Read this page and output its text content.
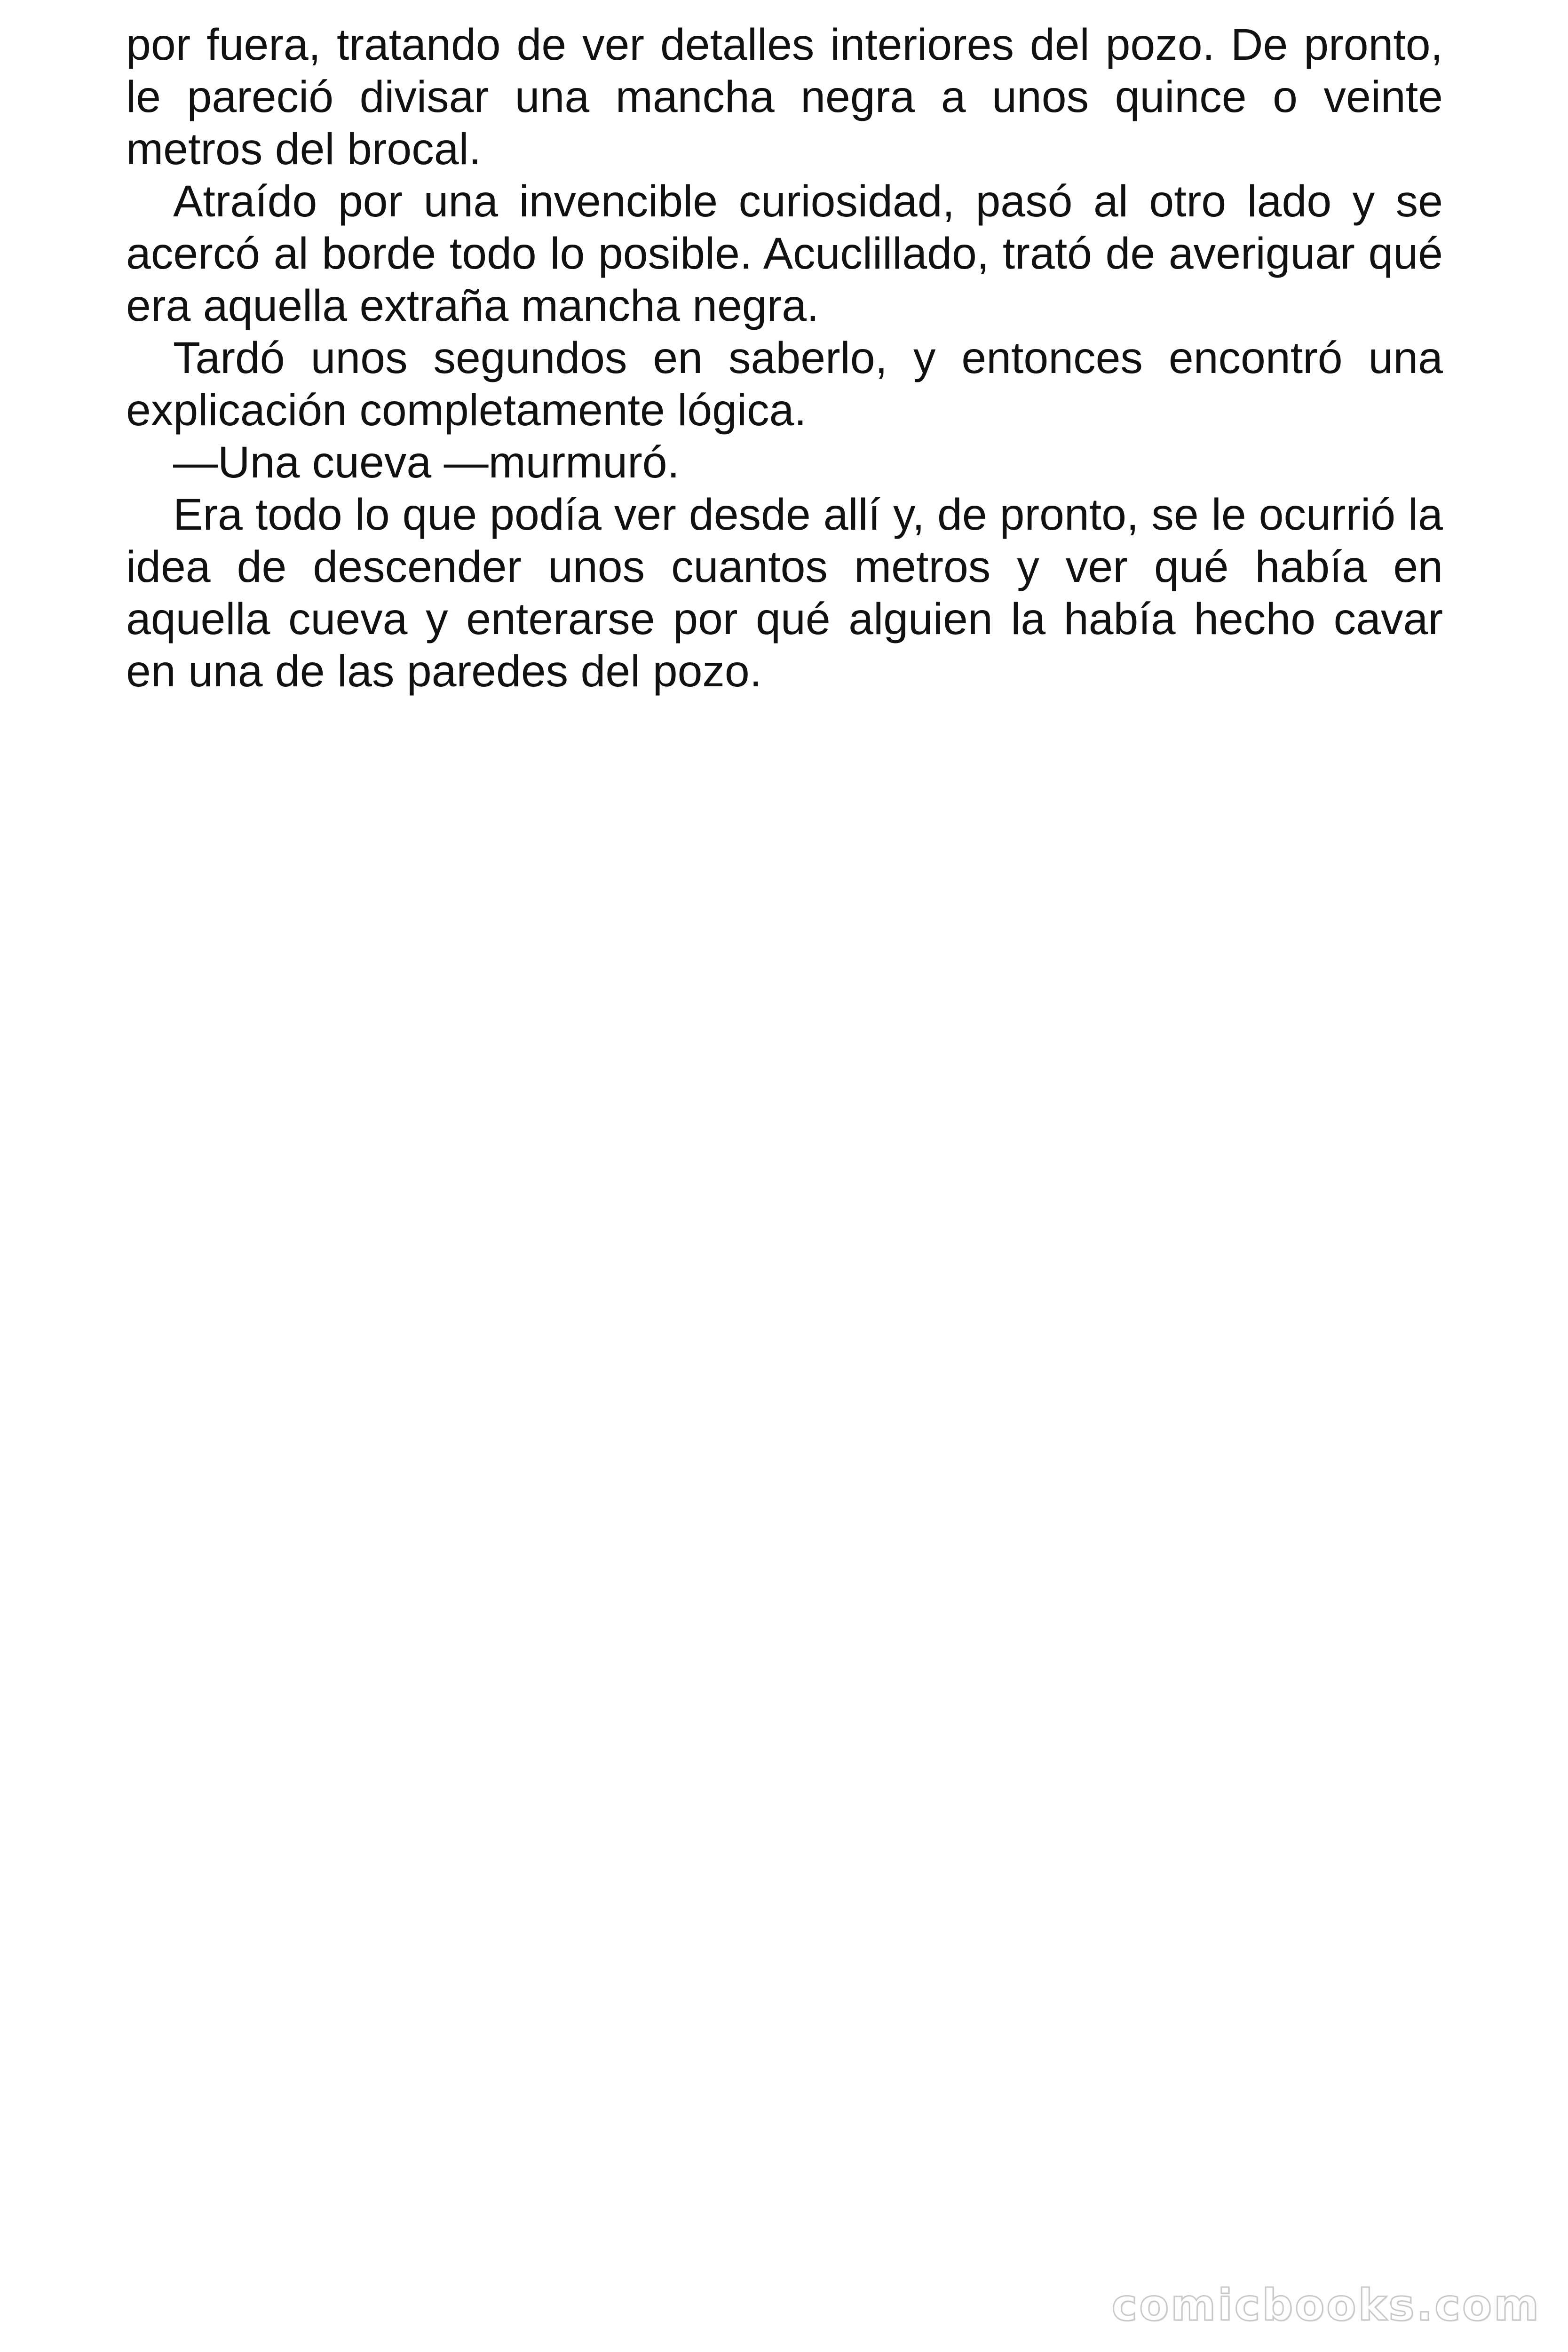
por fuera, tratando de ver detalles interiores del pozo. De pronto, le pareció divisar una mancha negra a unos quince o veinte metros del brocal.

Atraído por una invencible curiosidad, pasó al otro lado y se acercó al borde todo lo posible. Acuclillado, trató de averiguar qué era aquella extraña mancha negra.

Tardó unos segundos en saberlo, y entonces encontró una explicación completamente lógica.

—Una cueva —murmuró.

Era todo lo que podía ver desde allí y, de pronto, se le ocurrió la idea de descender unos cuantos metros y ver qué había en aquella cueva y enterarse por qué alguien la había hecho cavar en una de las paredes del pozo.

comicbooks.com
